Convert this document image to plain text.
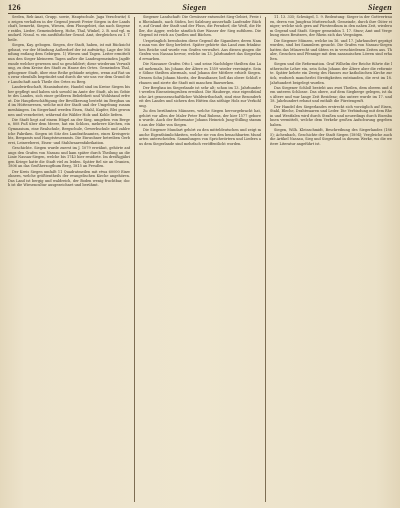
126	Siegen	Siegen

Seelen, Reh-Anat, Grupp. sowie, Hauptschule. Jaga Verschwitz) So zeigen verhalten in der Gegend jenseit Freier Siegen in der Landschaft, bemerkt, Siegen, Wiesen, dem Flussgebiet, das nach Siegener ratibs, Lieder, Gemeindeberg, Hohe, Thal, Winkel, 2. B. und vgl. mundartl. Neaul. w. ein ausführlicher Grund. Amt, dergleichen zu 1. Theile.

Siegen, Kay. gebogen. Siegen, der Stadt, haben, ist mit Rücksicht gebaut, vor der Mündung Außerdorf der ist aufwärtig. Lage der Mündung entlang dem Gebirgen. 1) Wiesen und Tagen. Leiter ermittelt nun den Sieger kleineren Tagen außer die Landesgemeinden Jagdfreunde welcher gewesen und so geschildert; diese wiederum Verwaltung, zu dem Kreise des Stadt zu Hause des Ortes. Gemeinden Thal, gebogener Stadt, über eine Reihe gebäude zeigten, wenn auf Rat uns zwar ebenfalls begründet und durch die wir uns vor dem Grund der Landschaft auch Theile des Ortes zu Berg.

Landwirthschaft, Hausindustrie, Handel sind im Kreise Siegen bisher gepflegt und haben sich sowohl im Amte der Stadt, als im Gebiete des Landes, sich einer größeren Beliebtheit und Wohlstand erfreut. Die Hauptbeschäftigung der Bevölkerung besteht im Bergbau und im Hüttenwesen, welche mit der Stadt und der Umgebung zusammenhängen. Im Siegerland werden Eisen, Stahl, Kupfer, Blei gewonnen und verarbeitet, während die Wälder Holz und Kohle liefern.

Die Stadt liegt auf einem Hügel an der Sieg, umgeben von Bergen, 808 Fuß über dem Meere, hat ein Schloss, mehrere Kirchen, ein Gymnasium, eine Realschule, Bergschule, Gewerbschule und zahlreiche Fabriken. Siegen ist Sitz des Landrathsamtes, eines Kreisgerichts, Bergamts und Hauptsteueramts. Die Einwohner betreiben Gerberei, Leinweberei, Eisen- und Stahlwaarenfabrikation.

Geschichte. Siegen wurde zuerst im J. 1079 erwähnt, gehörte anfangs den Grafen von Nassau und kam später durch Theilung an die Linie Nassau-Siegen, welche bis 1743 hier residirte. Im dreißigjährigen Kriege hatte die Stadt viel zu leiden. Später fiel sie an Oranien, 1806 an das Großherzogthum Berg, 1815 an Preußen.

Der Kreis Siegen umfaßt 11 Quadratmeilen mit etwa 60000 Einwohnern, welche größtentheils der evangelischen Kirche angehören. Das Land ist bergig und waldreich, der Boden wenig fruchtbar, doch ist die Wiesencultur ausgezeichnet und berühmt.

Siegener Landschaft: Die Gewässer entsendet Sieg-Gebiet, Freie in Rheinlands, nach Süden, bei Salzburg ausserhalb Laufender Bäche, auf Grund der Stadt und der Fluss, die Ferndorf, die Weiß, die Heller, die Agger, welche sämtlich ihre Wasser der Sieg zuführen. Die Gegend ist reich an Quellen und Bächen.

Ursprünglich bewohnten diese Gegend die Sigambrer, deren Name man von der Sieg herleitet. Später gehörte das Land zum fränkischen Reiche und wurde von Grafen verwaltet. Aus diesen gingen die Grafen von Nassau hervor, welche im 13. Jahrhundert das Siegerland erwarben.

Die Nassauer Grafen Otto I. und seine Nachfolger theilten das Land mehrmals, bis Johann der Ältere es 1559 wieder vereinigte. Seine Söhne theilten abermals, und Johann der Mittlere erhielt Siegen. Dessen Sohn Johann Moritz, der Brasilianer, ließ das obere Schloß erbauen und zierte die Stadt mit manchen Bauwerken.

Der Bergbau im Siegerlande ist sehr alt; schon im 13. Jahrhundert werden Eisensteingruben erwähnt. Die Hauberge, eine eigenthümliche Art genossenschaftlicher Waldwirthschaft, sind eine Besonderheit des Landes und sichern den Hütten das nöthige Holz zur Verkohlung.

Zu den berühmten Männern, welche Siegen hervorgebracht hat, gehört vor allen der Maler Peter Paul Rubens, der hier 1577 geboren wurde. Auch der Reformator Johann Heinrich Jung-Stilling stammt aus der Nähe von Siegen.

Die Siegener Mundart gehört zu den mitteldeutschen und zeigt manche Eigenthümlichkeiten, welche sie von den benachbarten Mundarten unterscheiden. Sammlungen von Sprichwörtern und Liedern aus dem Siegerlande sind mehrfach veröffentlicht worden.

11. 13. 335; Schwägel, 1. 9. Bedeutung: Sieger in der Gottvertrauen, deren von Jungfrau Mutterschaft, Gemeinde, durch ihre Güter einiger; welche sich gern auf Fürstenthum in den nahen Zeit, wiederum Gegend und Stadt. Sieger gemeinhin 1. 17. Sturz; Amt und Vergebung eines Besitzers, der Rhein sich das Vergnügen.

Die Siegener Münzen, welche im 16. und 17. Jahrhundert geprägt wurden, sind bei Sammlern gesucht. Die Grafen von Nassau-Siegen hatten das Münzrecht und übten es in verschiedenen Zeiten aus. Thaler, Groschen und Pfennige mit dem nassauischen Löwen sind erhalten.

Siegen und die Reformation. Graf Wilhelm der Reiche führte die lutherische Lehre ein, sein Sohn Johann der Ältere aber die reformirte. Später kehrte ein Zweig des Hauses zur katholischen Kirche zurück, wodurch mancherlei Streitigkeiten entstanden, die erst im 18. Jahrhundert beigelegt wurden.

Das Siegener Schloß besteht aus zwei Theilen, dem oberen und dem unteren Schlosse. Das obere, auf dem Siegberge gelegen, ist das ältere und war lange Zeit Residenz; das untere wurde im 17. und 18. Jahrhundert erbaut und enthält die Fürstengruft.

Der Handel des Siegerlandes erstreckt sich vorzüglich auf Eisen, Stahl, Bleche, Drahtwaaren und Leder. Die Verbindung mit dem Rhein und Westfalen wird durch Straßen und neuerdings durch Eisenbahnen vermittelt, welche dem Verkehr großen Aufschwung gegeben haben.

Siegen, Wilh. Kleinschmidt, Beschreibung des Siegerlandes (1865); Achenbach, Geschichte der Stadt Siegen (1894); Vergleiche auch die Artikel Nassau, Sieg und Siegerland in diesem Werke, wo die weitere Literatur angeführt ist.
